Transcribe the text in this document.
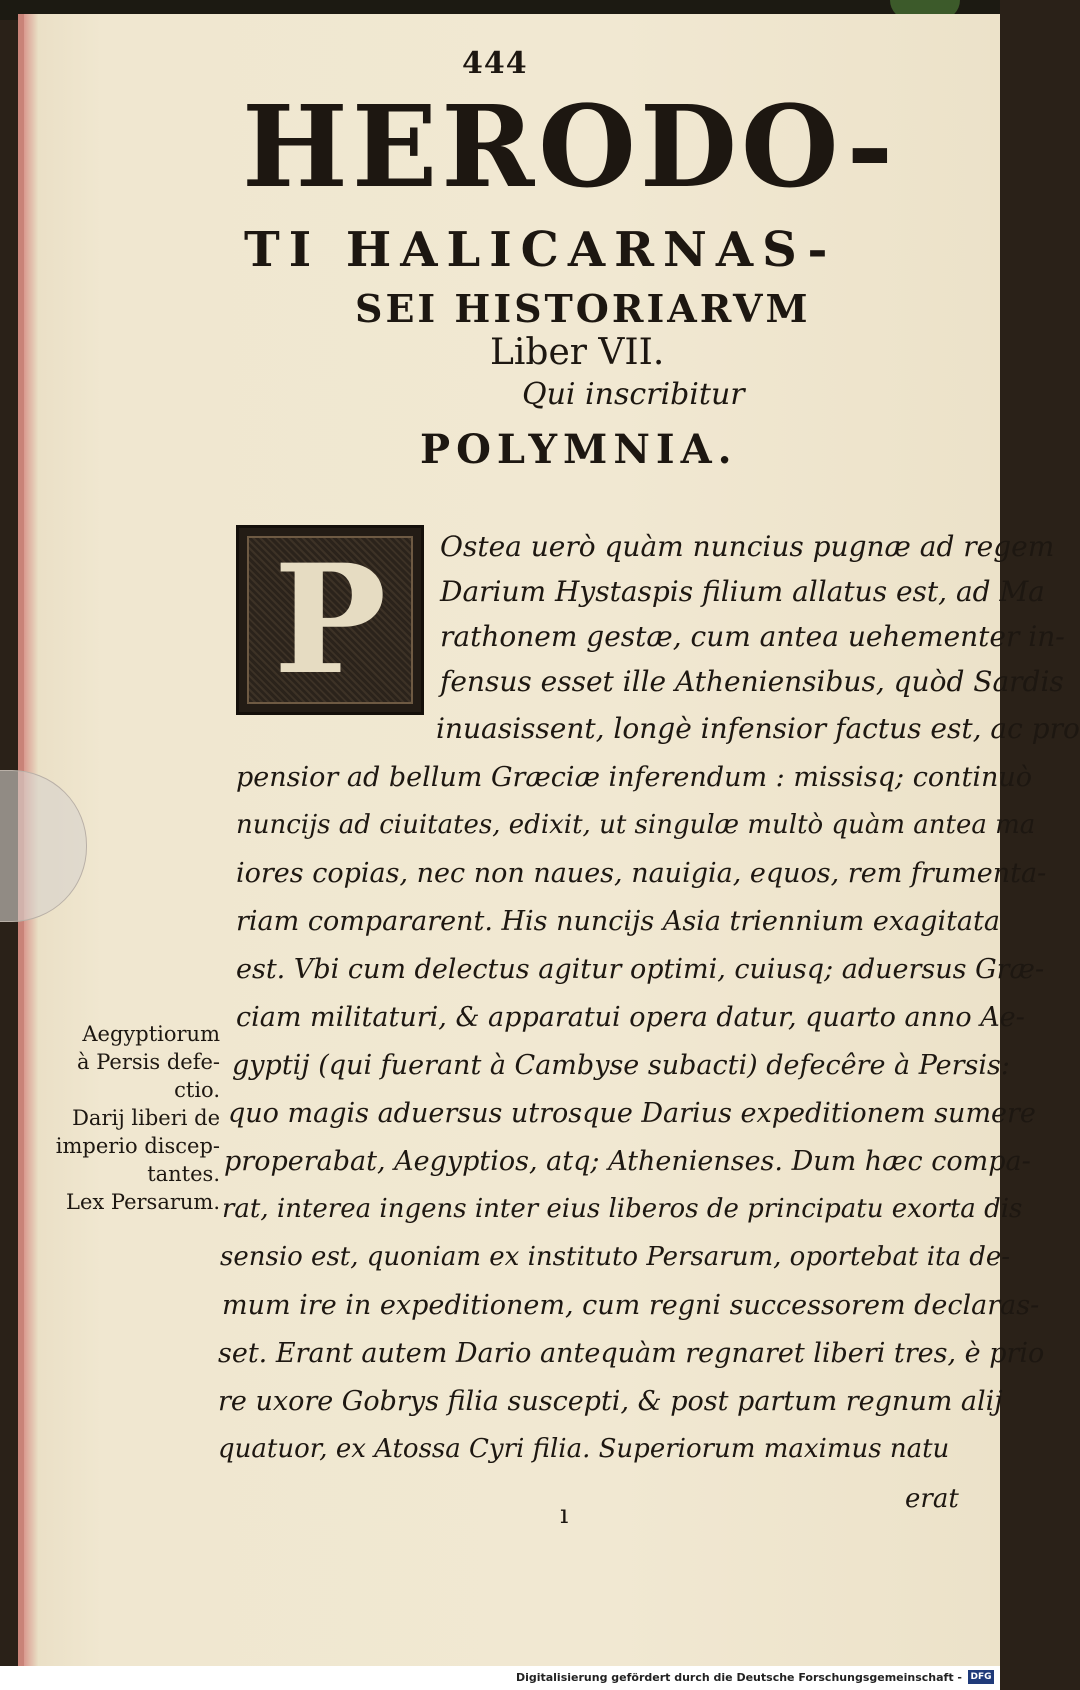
444
HERODO-
TI HALICARNAS-
SEI HISTORIARVM
Liber VII.
Qui inscribitur
POLYMNIA.
P Ostea uerò quàm nuncius pugnæ ad regem
Darium Hystaspis filium allatus est, ad Ma
rathonem gestæ, cum antea uehementer in-
fensus esset ille Atheniensibus, quòd Sardis
inuasissent, longè infensior factus est, ac pro
pensior ad bellum Græciæ inferendum : missisq; continuò
nuncijs ad ciuitates, edixit, ut singulæ multò quàm antea ma
iores copias, nec non naues, nauigia, equos, rem frumenta-
riam compararent. His nuncijs Asia triennium exagitata
est. Vbi cum delectus agitur optimi, cuiusq; aduersus Græ-
ciam militaturi, & apparatui opera datur, quarto anno Ae-
gyptij (qui fuerant à Cambyse subacti) defecêre à Persis:
quo magis aduersus utrosque Darius expeditionem sumere
properabat, Aegyptios, atq; Athenienses. Dum hæc compa-
rat, interea ingens inter eius liberos de principatu exorta dis
sensio est, quoniam ex instituto Persarum, oportebat ita de-
mum ire in expeditionem, cum regni successorem declaras-
set. Erant autem Dario antequàm regnaret liberi tres, è prio
re uxore Gobrys filia suscepti, & post partum regnum alij
quatuor, ex Atossa Cyri filia. Superiorum maximus natu
erat
ı
Aegyptiorum
à Persis defe-
ctio.
Darij liberi de
imperio discep-
tantes.
Lex Persarum.
Digitalisierung gefördert durch die Deutsche Forschungsgemeinschaft - DFG
